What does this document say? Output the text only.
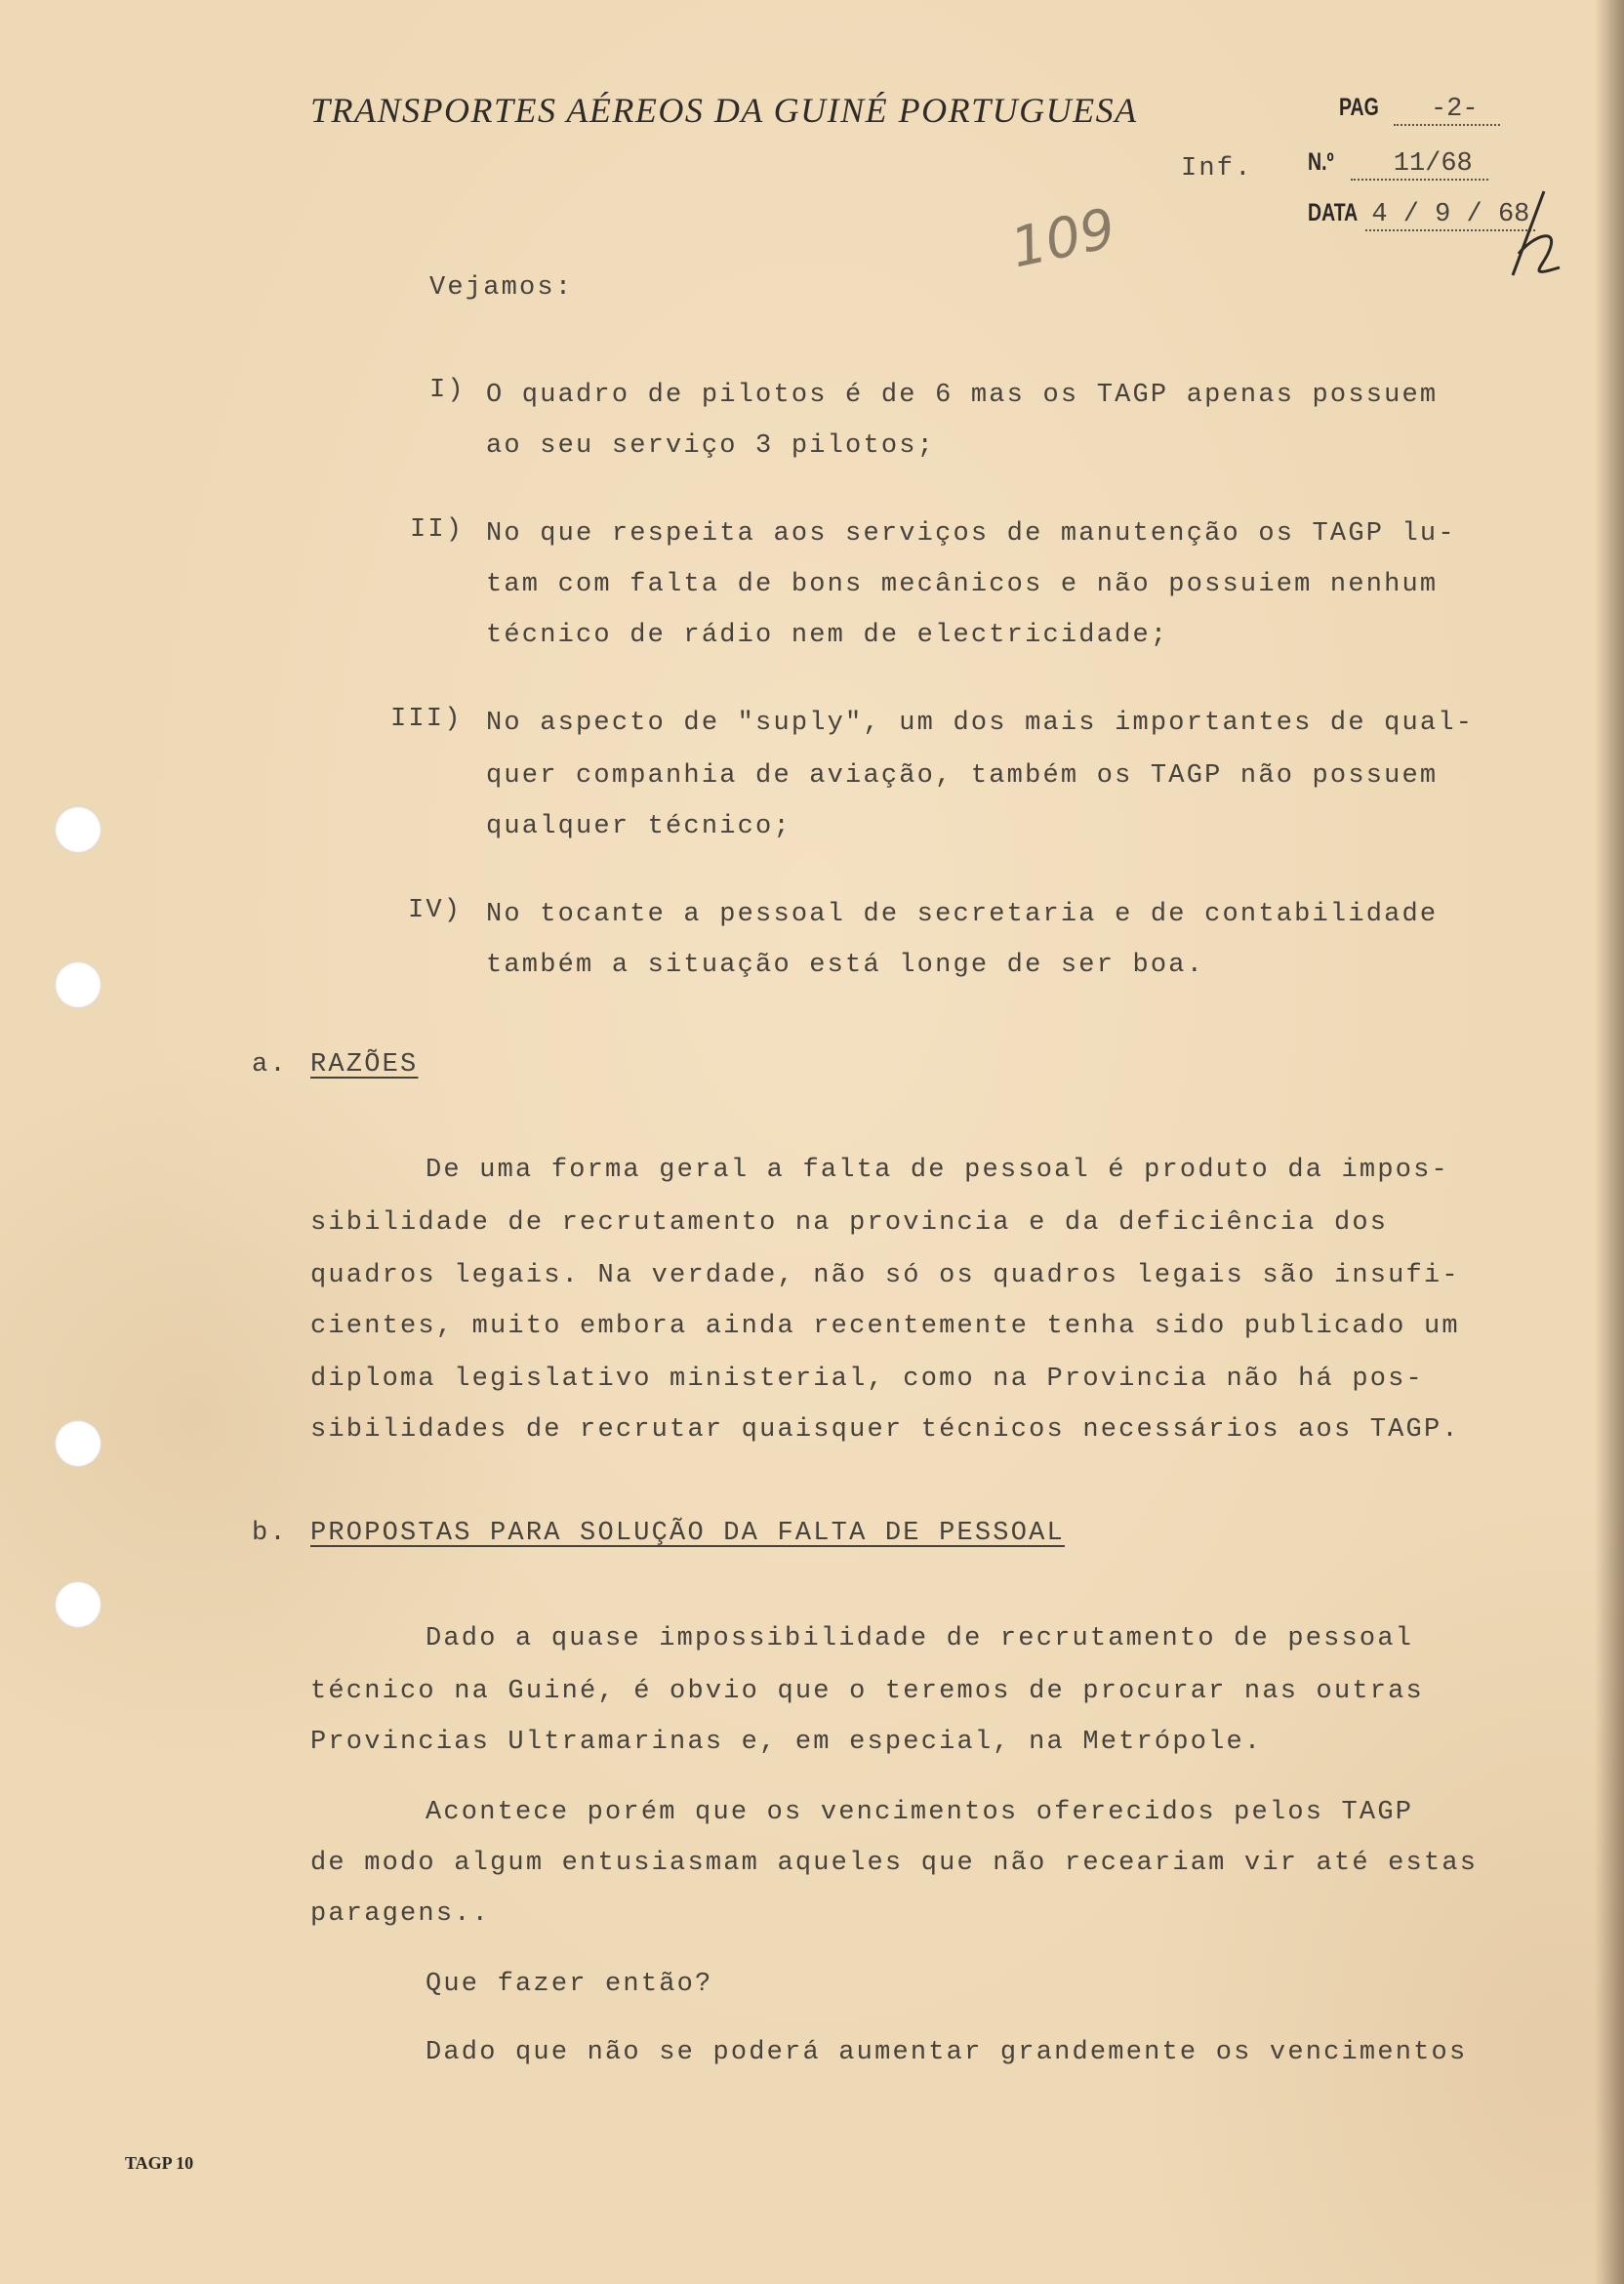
TRANSPORTES AÉREOS DA GUINÉ PORTUGUESA	PAG -2-
Inf. N.º 11/68
DATA 4 / 9 / 68
109
Vejamos:
I) O quadro de pilotos é de 6 mas os TAGP apenas possuem
ao seu serviço 3 pilotos;
II) No que respeita aos serviços de manutenção os TAGP lu-
tam com falta de bons mecânicos e não possuiem nenhum
técnico de rádio nem de electricidade;
III) No aspecto de "suply", um dos mais importantes de qual-
quer companhia de aviação, também os TAGP não possuem
qualquer técnico;
IV) No tocante a pessoal de secretaria e de contabilidade
também a situação está longe de ser boa.
a. RAZÕES
De uma forma geral a falta de pessoal é produto da impos-
sibilidade de recrutamento na provincia e da deficiência dos
quadros legais. Na verdade, não só os quadros legais são insufi-
cientes, muito embora ainda recentemente tenha sido publicado um
diploma legislativo ministerial, como na Provincia não há pos-
sibilidades de recrutar quaisquer técnicos necessários aos TAGP.
b. PROPOSTAS PARA SOLUÇÃO DA FALTA DE PESSOAL
Dado a quase impossibilidade de recrutamento de pessoal
técnico na Guiné, é obvio que o teremos de procurar nas outras
Provincias Ultramarinas e, em especial, na Metrópole.
Acontece porém que os vencimentos oferecidos pelos TAGP
de modo algum entusiasmam aqueles que não receariam vir até estas
paragens..
Que fazer então?
Dado que não se poderá aumentar grandemente os vencimentos
TAGP 10
